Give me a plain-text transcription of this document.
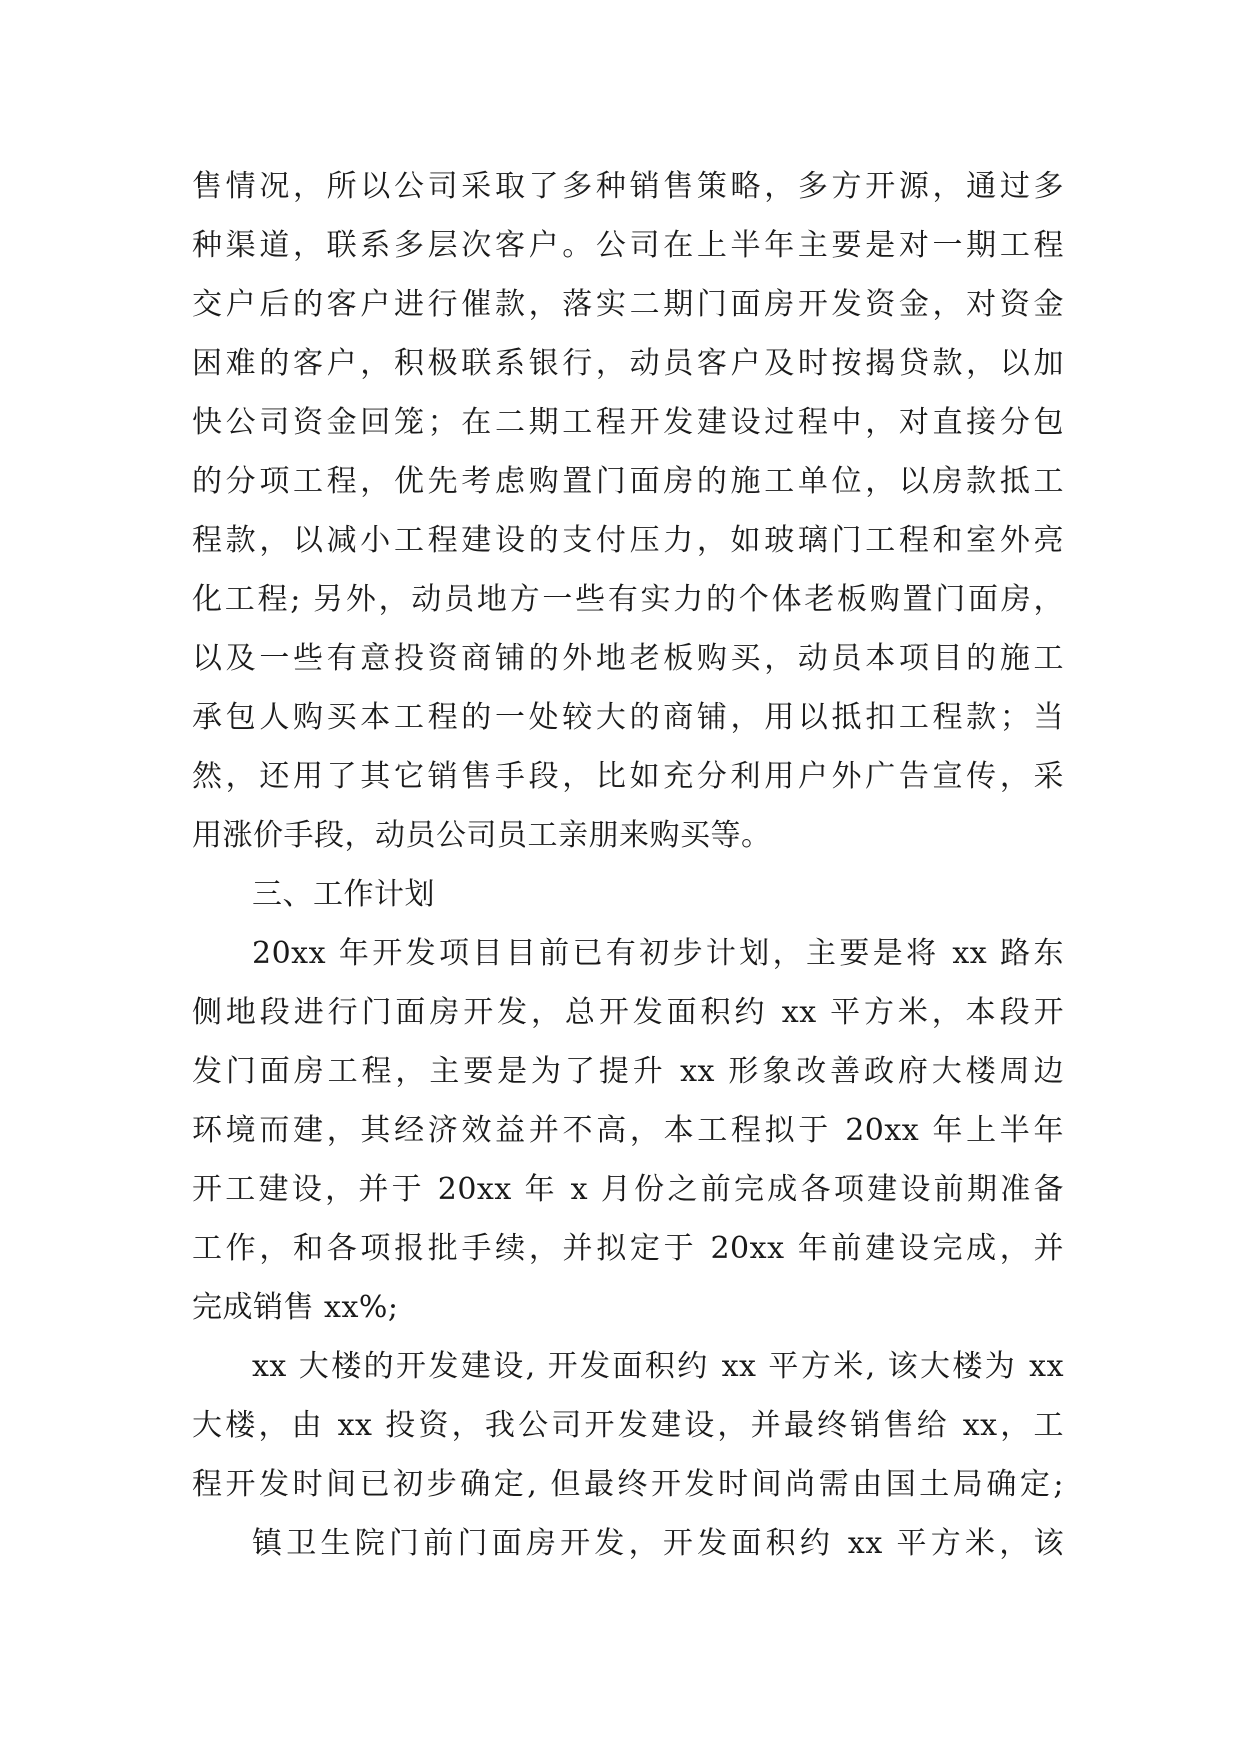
售情况，所以公司采取了多种销售策略，多方开源，通过多
种渠道，联系多层次客户。公司在上半年主要是对一期工程
交户后的客户进行催款，落实二期门面房开发资金，对资金
困难的客户，积极联系银行，动员客户及时按揭贷款，以加
快公司资金回笼；在二期工程开发建设过程中，对直接分包
的分项工程，优先考虑购置门面房的施工单位，以房款抵工
程款，以减小工程建设的支付压力，如玻璃门工程和室外亮
化工程; 另外，动员地方一些有实力的个体老板购置门面房，
以及一些有意投资商铺的外地老板购买，动员本项目的施工
承包人购买本工程的一处较大的商铺，用以抵扣工程款；当
然，还用了其它销售手段，比如充分利用户外广告宣传，采
用涨价手段，动员公司员工亲朋来购买等。
三、工作计划
20xx 年开发项目目前已有初步计划，主要是将 xx 路东
侧地段进行门面房开发，总开发面积约 xx 平方米，本段开
发门面房工程，主要是为了提升 xx 形象改善政府大楼周边
环境而建，其经济效益并不高，本工程拟于 20xx 年上半年
开工建设，并于 20xx 年 x 月份之前完成各项建设前期准备
工作，和各项报批手续，并拟定于 20xx 年前建设完成，并
完成销售 xx%;
xx 大楼的开发建设, 开发面积约 xx 平方米, 该大楼为 xx
大楼，由 xx 投资，我公司开发建设，并最终销售给 xx，工
程开发时间已初步确定, 但最终开发时间尚需由国土局确定;
镇卫生院门前门面房开发，开发面积约 xx 平方米，该
